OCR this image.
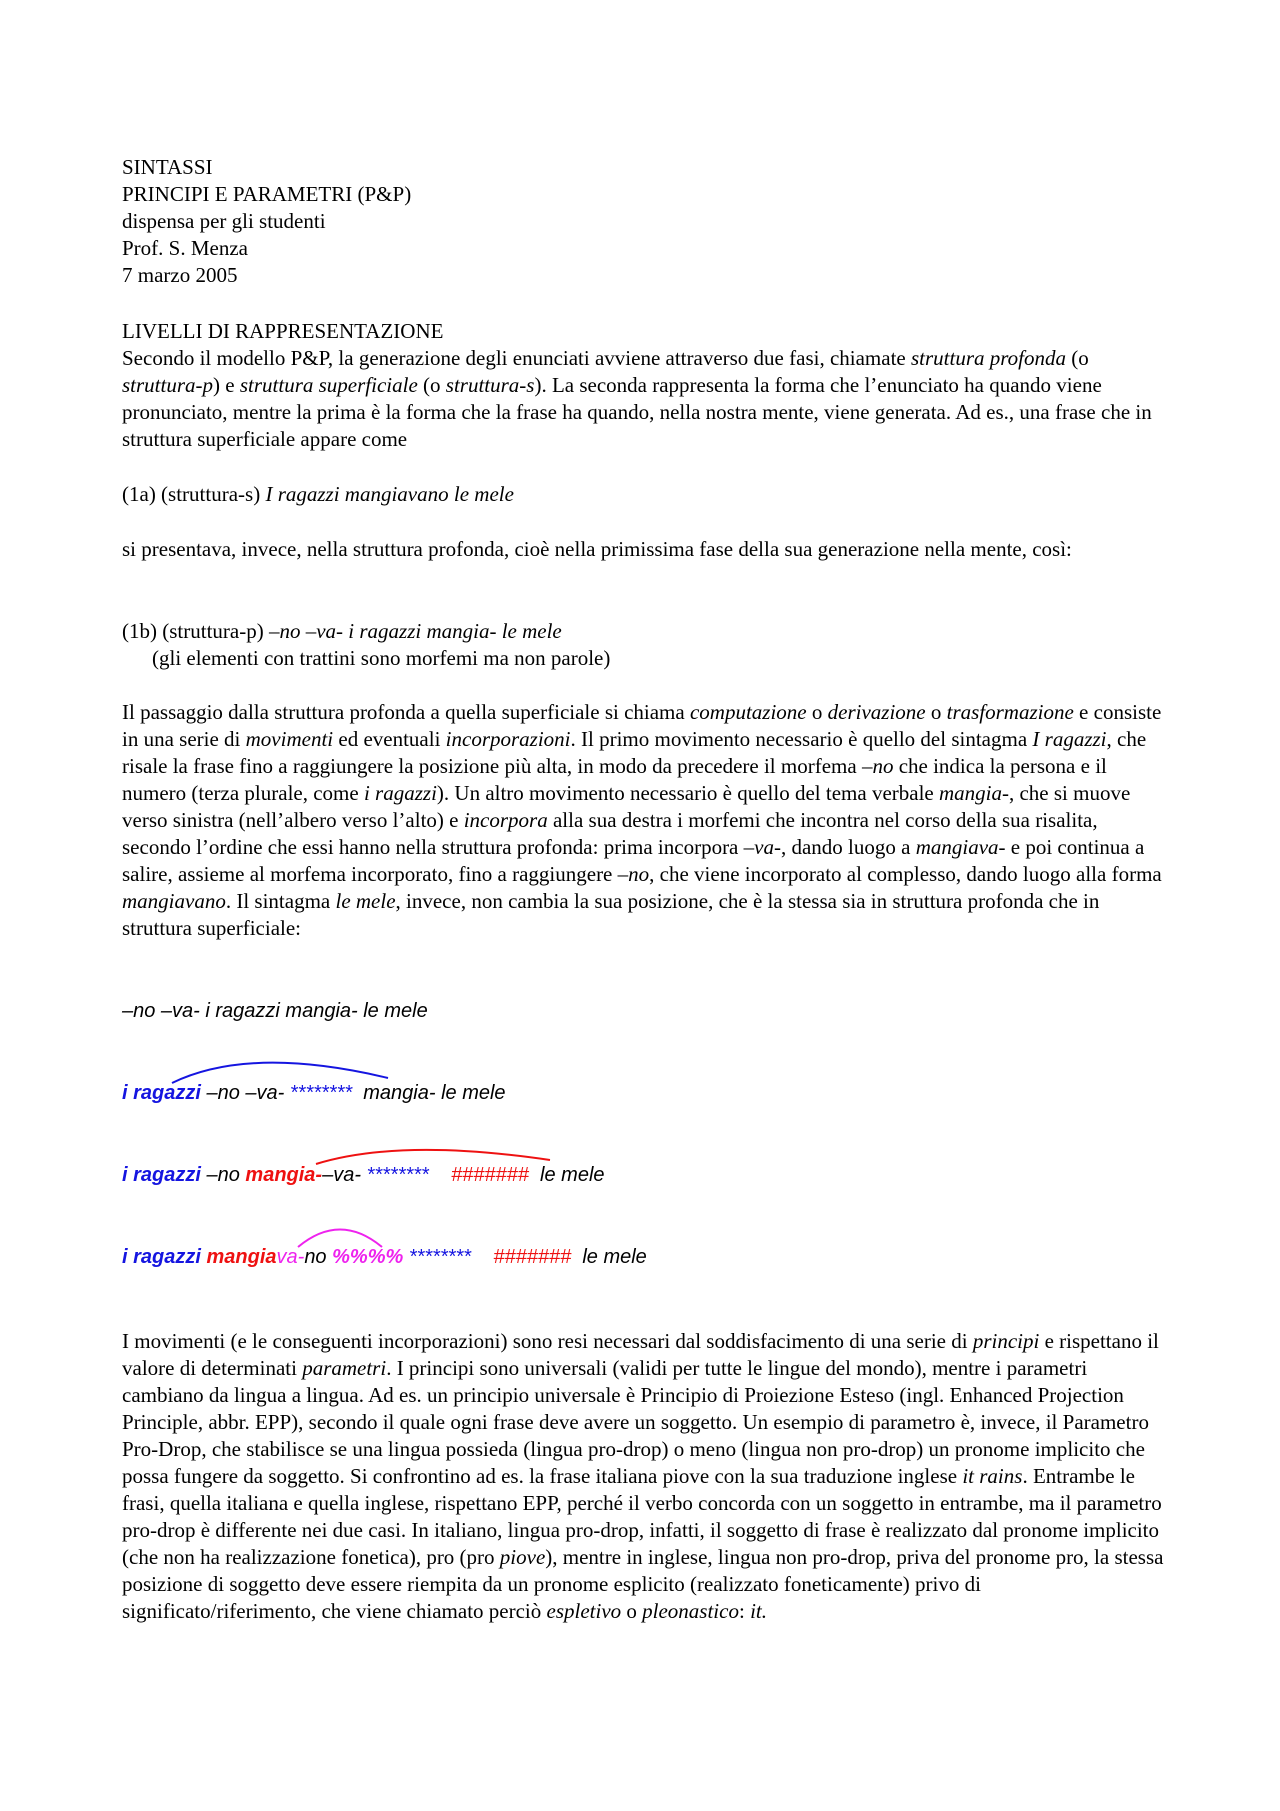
SINTASSI
PRINCIPI E PARAMETRI (P&P)
dispensa per gli studenti
Prof. S. Menza
7 marzo 2005
LIVELLI DI RAPPRESENTAZIONE

Secondo il modello P&P, la generazione degli enunciati avviene attraverso due fasi, chiamate struttura profonda (o struttura-p) e struttura superficiale (o struttura-s). La seconda rappresenta la forma che l’enunciato ha quando viene pronunciato, mentre la prima è la forma che la frase ha quando, nella nostra mente, viene generata. Ad es., una frase che in struttura superficiale appare come

(1a) (struttura-s) I ragazzi mangiavano le mele

si presentava, invece, nella struttura profonda, cioè nella primissima fase della sua generazione nella mente, così:

(1b) (struttura-p) –no –va- i ragazzi mangia- le mele
(gli elementi con trattini sono morfemi ma non parole)

Il passaggio dalla struttura profonda a quella superficiale si chiama computazione o derivazione o trasformazione e consiste in una serie di movimenti ed eventuali incorporazioni. Il primo movimento necessario è quello del sintagma I ragazzi, che risale la frase fino a raggiungere la posizione più alta, in modo da precedere il morfema –no che indica la persona e il numero (terza plurale, come i ragazzi). Un altro movimento necessario è quello del tema verbale mangia-, che si muove verso sinistra (nell’albero verso l’alto) e incorpora alla sua destra i morfemi che incontra nel corso della sua risalita, secondo l’ordine che essi hanno nella struttura profonda: prima incorpora –va-, dando luogo a mangiava- e poi continua a salire, assieme al morfema incorporato, fino a raggiungere –no, che viene incorporato al complesso, dando luogo alla forma mangiavano. Il sintagma le mele, invece, non cambia la sua posizione, che è la stessa sia in struttura profonda che in struttura superficiale:

–no –va- i ragazzi mangia- le mele
i ragazzi –no –va- ********  mangia- le mele
i ragazzi –no mangia-–va- ******** #######  le mele
i ragazzi mangiava-no %%%% ******** #######  le mele

I movimenti (e le conseguenti incorporazioni) sono resi necessari dal soddisfacimento di una serie di principi e rispettano il valore di determinati parametri. I principi sono universali (validi per tutte le lingue del mondo), mentre i parametri cambiano da lingua a lingua. Ad es. un principio universale è Principio di Proiezione Esteso (ingl. Enhanced Projection Principle, abbr. EPP), secondo il quale ogni frase deve avere un soggetto. Un esempio di parametro è, invece, il Parametro Pro-Drop, che stabilisce se una lingua possieda (lingua pro-drop) o meno (lingua non pro-drop) un pronome implicito che possa fungere da soggetto. Si confrontino ad es. la frase italiana piove con la sua traduzione inglese it rains. Entrambe le frasi, quella italiana e quella inglese, rispettano EPP, perché il verbo concorda con un soggetto in entrambe, ma il parametro pro-drop è differente nei due casi. In italiano, lingua pro-drop, infatti, il soggetto di frase è realizzato dal pronome implicito (che non ha realizzazione fonetica), pro (pro piove), mentre in inglese, lingua non pro-drop, priva del pronome pro, la stessa posizione di soggetto deve essere riempita da un pronome esplicito (realizzato foneticamente) privo di significato/riferimento, che viene chiamato perciò espletivo o pleonastico: it.
